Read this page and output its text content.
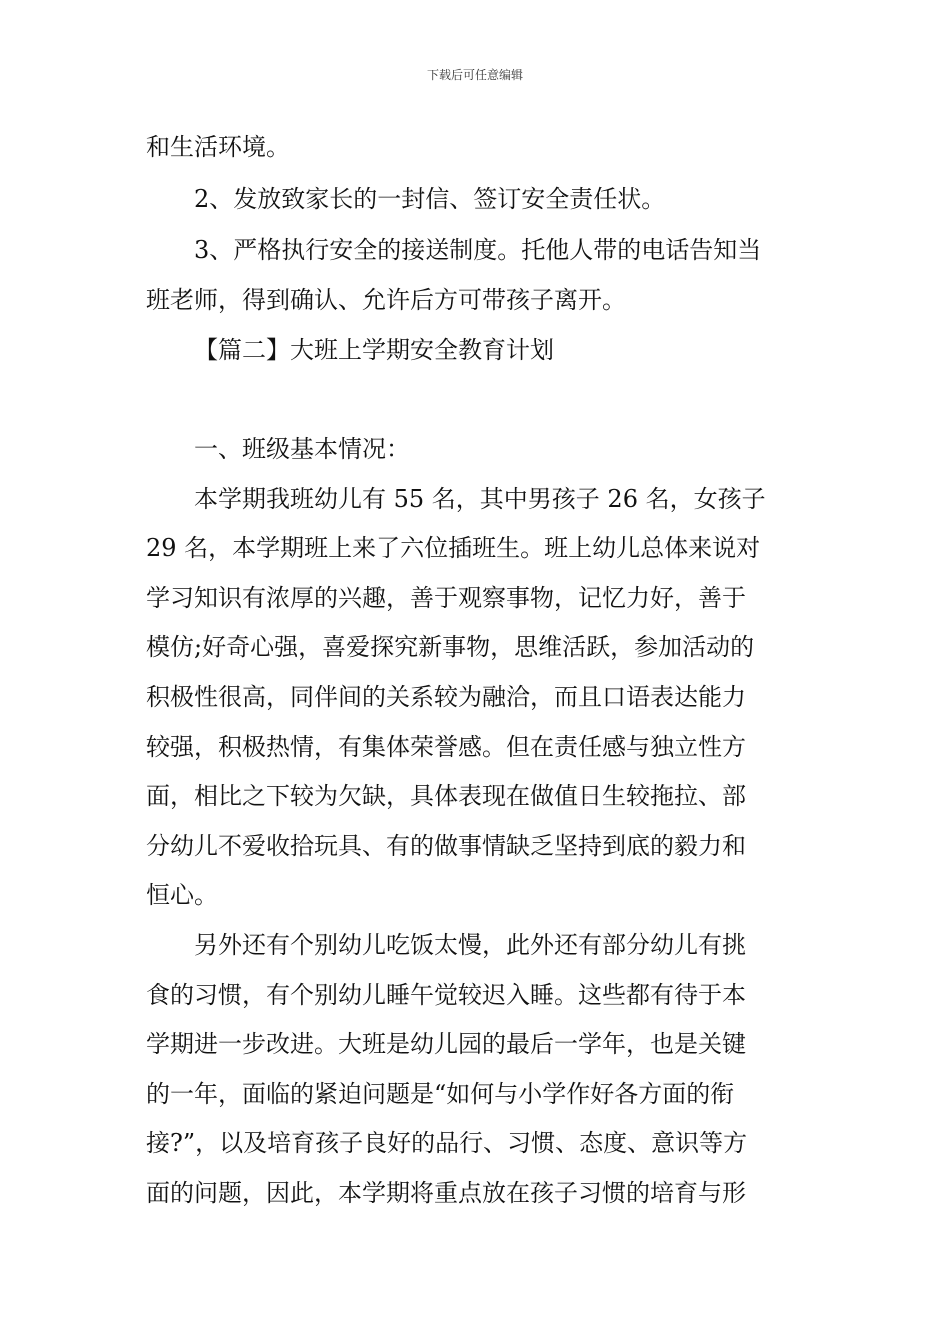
下载后可任意编辑
和生活环境。
2、发放致家长的一封信、签订安全责任状。
3、严格执行安全的接送制度。托他人带的电话告知当
班老师，得到确认、允许后方可带孩子离开。
【篇二】大班上学期安全教育计划
一、班级基本情况：
本学期我班幼儿有 55 名，其中男孩子 26 名，女孩子
29 名，本学期班上来了六位插班生。班上幼儿总体来说对
学习知识有浓厚的兴趣，善于观察事物，记忆力好，善于
模仿;好奇心强，喜爱探究新事物，思维活跃，参加活动的
积极性很高，同伴间的关系较为融洽，而且口语表达能力
较强，积极热情，有集体荣誉感。但在责任感与独立性方
面，相比之下较为欠缺，具体表现在做值日生较拖拉、部
分幼儿不爱收拾玩具、有的做事情缺乏坚持到底的毅力和
恒心。
另外还有个别幼儿吃饭太慢，此外还有部分幼儿有挑
食的习惯，有个别幼儿睡午觉较迟入睡。这些都有待于本
学期进一步改进。大班是幼儿园的最后一学年，也是关键
的一年，面临的紧迫问题是“如何与小学作好各方面的衔
接?”，以及培育孩子良好的品行、习惯、态度、意识等方
面的问题，因此，本学期将重点放在孩子习惯的培育与形
